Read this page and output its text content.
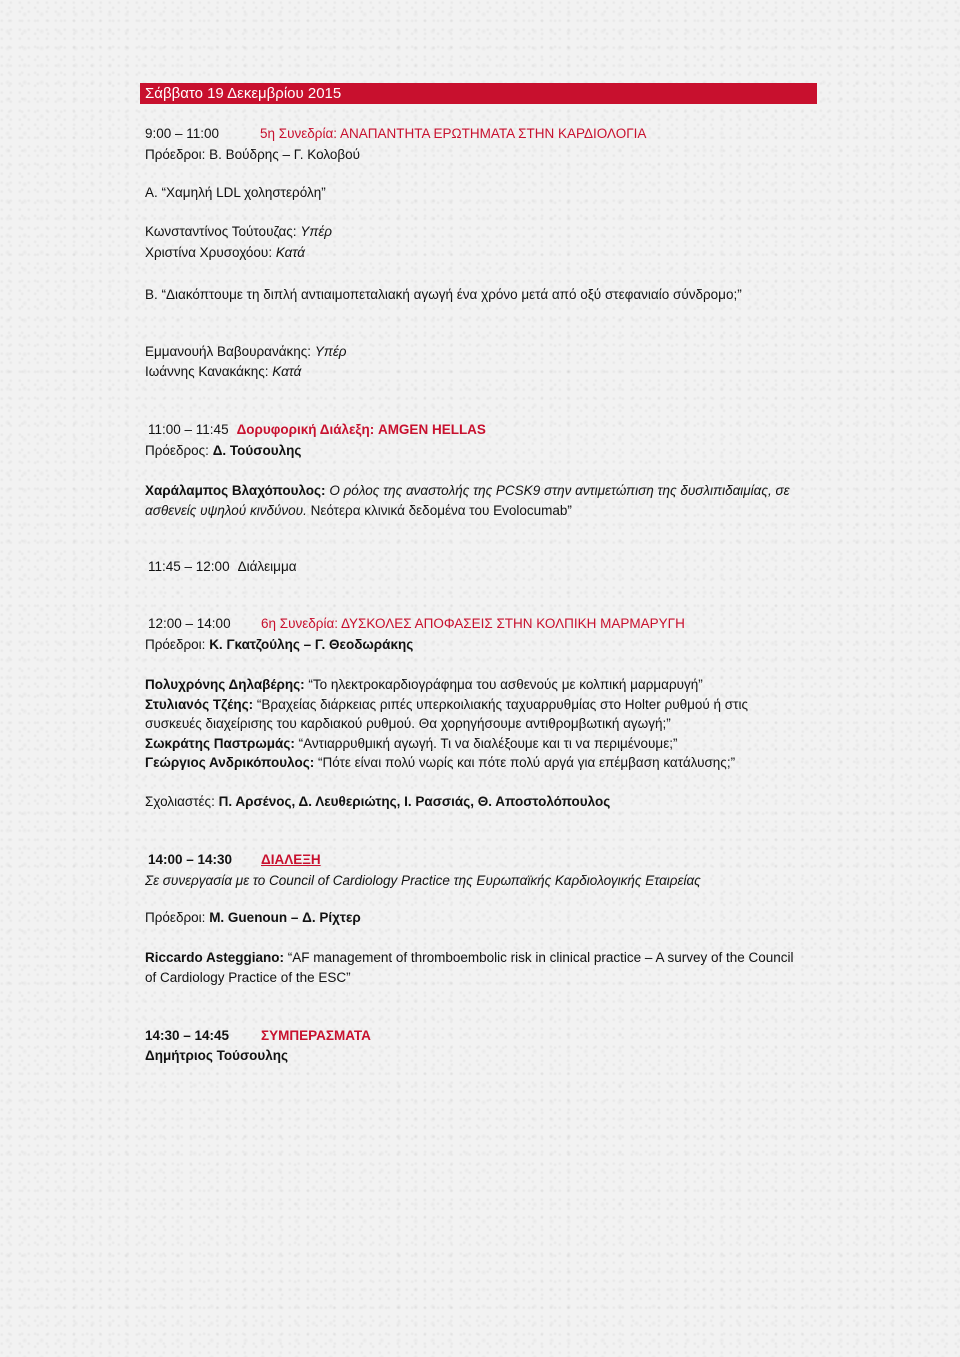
Σάββατο 19 Δεκεμβρίου 2015
9:00 – 11:00	5η Συνεδρία: ΑΝΑΠΑΝΤΗΤΑ ΕΡΩΤΗΜΑΤΑ ΣΤΗΝ ΚΑΡΔΙΟΛΟΓΙΑ
Πρόεδροι: Β. Βούδρης – Γ. Κολοβού
Α. “Χαμηλή LDL χοληστερόλη”
Κωνσταντίνος Τούτουζας: Υπέρ
Χριστίνα Χρυσοχόου: Κατά
Β. “Διακόπτουμε τη διπλή αντιαιμοπεταλιακή αγωγή ένα χρόνο μετά από οξύ στεφανιαίο σύνδρομο;”
Εμμανουήλ Βαβουρανάκης: Υπέρ
Ιωάννης Κανακάκης: Κατά
11:00 – 11:45 Δορυφορική Διάλεξη: AMGEN HELLAS
Πρόεδρος: Δ. Τούσουλης
Χαράλαμπος Βλαχόπουλος: Ο ρόλος της αναστολής της PCSK9 στην αντιμετώπιση της δυσλιπιδαιμίας, σε ασθενείς υψηλού κινδύνου. Νεότερα κλινικά δεδομένα του Evolocumab”
11:45 – 12:00 Διάλειμμα
12:00 – 14:00 6η Συνεδρία: ΔΥΣΚΟΛΕΣ ΑΠΟΦΑΣΕΙΣ ΣΤΗΝ ΚΟΛΠΙΚΗ ΜΑΡΜΑΡΥΓΗ
Πρόεδροι: Κ. Γκατζούλης – Γ. Θεοδωράκης
Πολυχρόνης Δηλαβέρης: “Το ηλεκτροκαρδιογράφημα του ασθενούς με κολπική μαρμαρυγή”
Στυλιανός Τζέης: “Βραχείας διάρκειας ριπές υπερκοιλιακής ταχυαρρυθμίας στο Holter ρυθμού ή στις συσκευές διαχείρισης του καρδιακού ρυθμού. Θα χορηγήσουμε αντιθρομβωτική αγωγή;”
Σωκράτης Παστρωμάς: “Αντιαρρυθμική αγωγή. Τι να διαλέξουμε και τι να περιμένουμε;”
Γεώργιος Ανδρικόπουλος: “Πότε είναι πολύ νωρίς και πότε πολύ αργά για επέμβαση κατάλυσης;”
Σχολιαστές: Π. Αρσένος, Δ. Λευθεριώτης, Ι. Ρασσιάς, Θ. Αποστολόπουλος
14:00 – 14:30 ΔΙΑΛΕΞΗ
Σε συνεργασία με το Council of Cardiology Practice της Ευρωπαϊκής Καρδιολογικής Εταιρείας
Πρόεδροι: M. Guenoun – Δ. Ρίχτερ
Riccardo Asteggiano: “AF management of thromboembolic risk in clinical practice – A survey of the Council of Cardiology Practice of the ESC”
14:30 – 14:45 ΣΥΜΠΕΡΑΣΜΑΤΑ
Δημήτριος Τούσουλης
